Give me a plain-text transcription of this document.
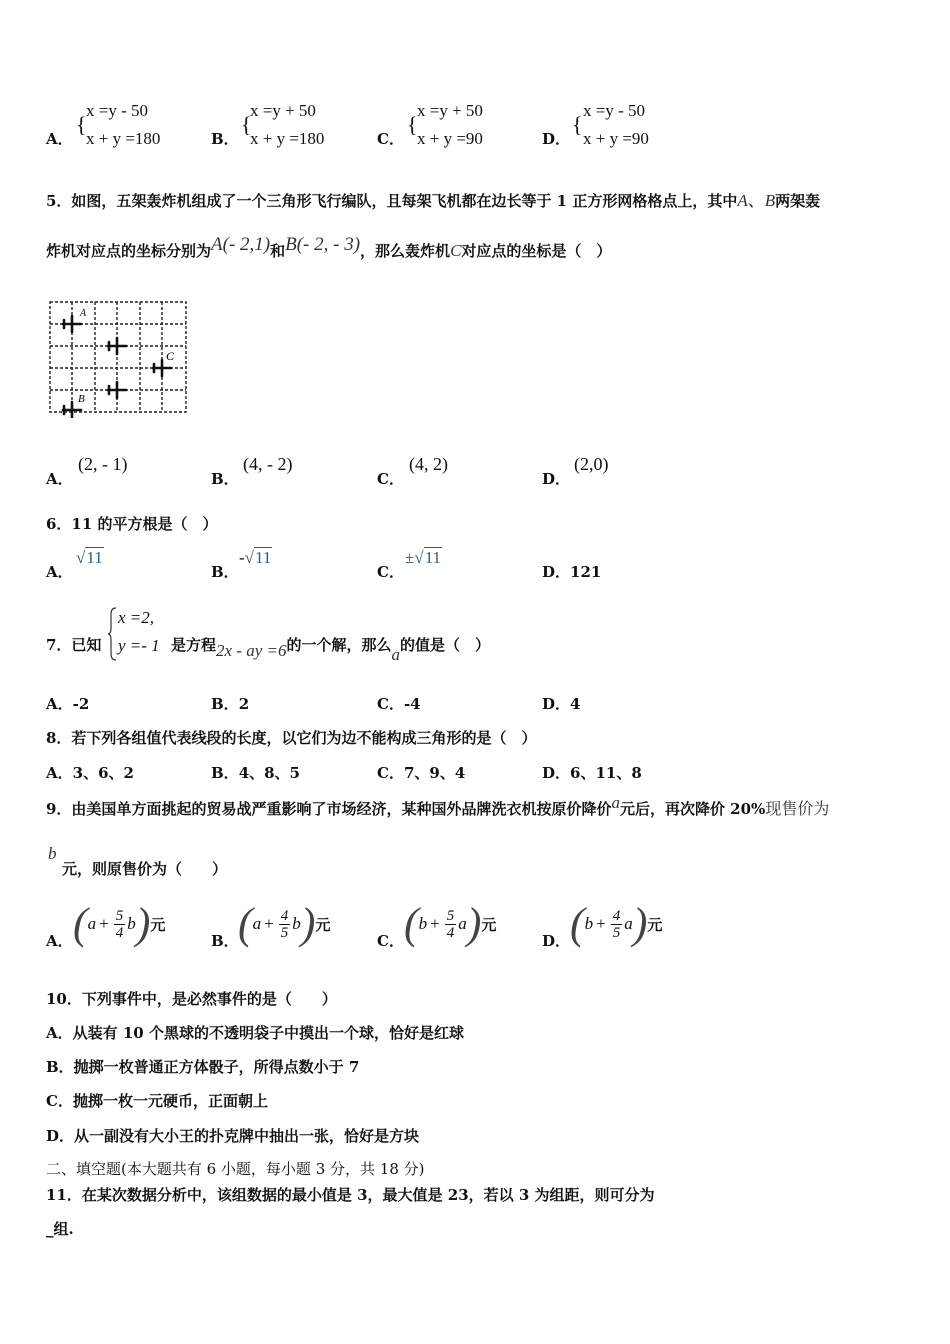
A．
{
x =y - 50
x + y =180	B．
{
x =y + 50
x + y =180	C．
{
x =y + 50
x + y =90	D．
{
x =y - 50
x + y =90
5．如图，五架轰炸机组成了一个三角形飞行编队，且每架飞机都在边长等于 1 正方形网格格点上，其中A、B两架轰
炸机对应点的坐标分别为A(- 2,1)和B(- 2, - 3)，那么轰炸机C对应点的坐标是（　）
A
C
B
A．
(2, - 1)
B．
(4, - 2)
C．
(4, 2)
D．
(2,0)
6．11 的平方根是（　）
A．
√11
B．
-√11
C．
±√11
D．121
7．已知
x =2,
y =- 1 是方程2x - ay =6的一个解，那么a的值是（　）
A．-2	B．2	C．-4	D．4
8．若下列各组值代表线段的长度，以它们为边不能构成三角形的是（　）
A．3、6、2	B．4、8、5	C．7、9、4	D．6、11、8
9．由美国单方面挑起的贸易战严重影响了市场经济，某种国外品牌洗衣机按原价降价a元后，再次降价 20%现售价为
b
元，则原售价为（　　）
A． ( $a + \frac{5}{4}$ b ) 元
B． ( $a + \frac{4}{5}$ b ) 元
C． ( $b + \frac{5}{4}$ a ) 元
D． ( $b + \frac{4}{5}$ a ) 元
10．下列事件中，是必然事件的是（　　）
A．从装有 10 个黑球的不透明袋子中摸出一个球，恰好是红球
B．抛掷一枚普通正方体骰子，所得点数小于 7
C．抛掷一枚一元硬币，正面朝上
D．从一副没有大小王的扑克牌中抽出一张，恰好是方块
二、填空题(本大题共有 6 小题，每小题 3 分，共 18 分)
11．在某次数据分析中，该组数据的最小值是 3，最大值是 23，若以 3 为组距，则可分为
_组.
